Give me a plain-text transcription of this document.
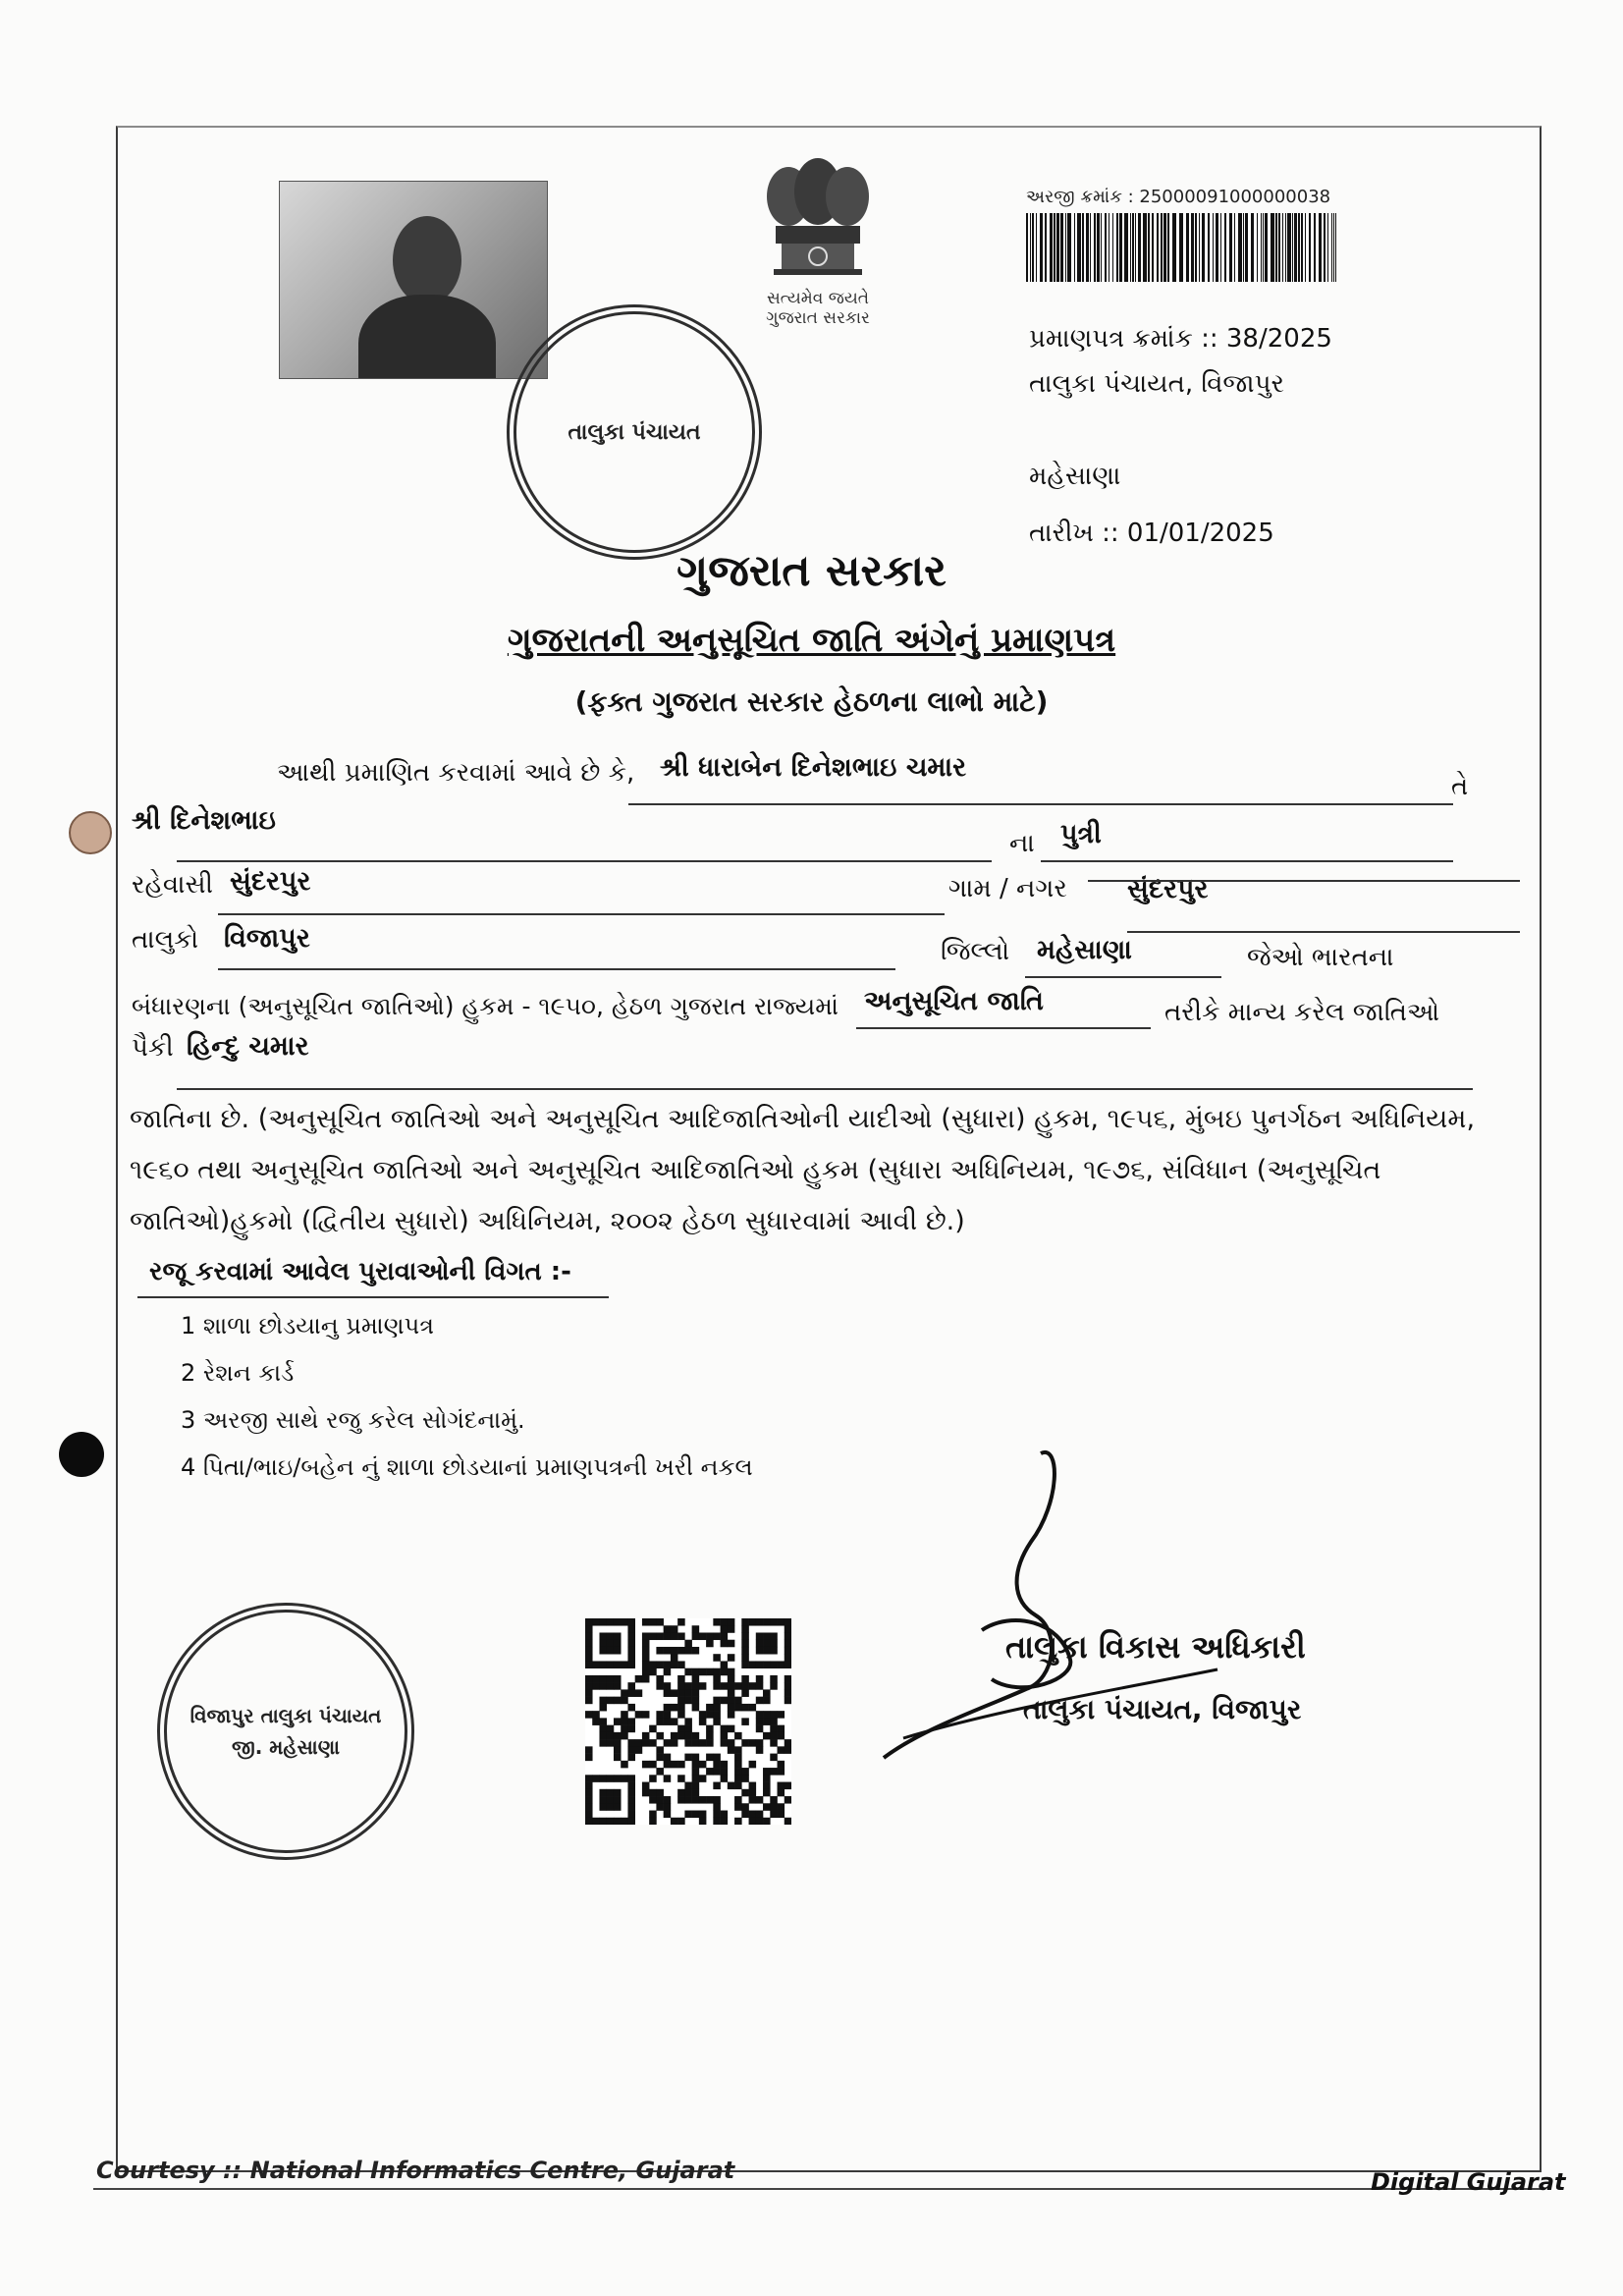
સત્યમેવ જયતે
ગુજરાત સરકાર
અરજી ક્રમાંક : 25000091000000038
પ્રમાણપત્ર ક્રમાંક :: 38/2025
તાલુકા પંચાયત, વિજાપુર
મહેસાણા
તારીખ :: 01/01/2025
તાલુકા પંચાયત
ગુજરાત સરકાર
ગુજરાતની અનુસૂચિત જાતિ અંગેનું પ્રમાણપત્ર
(ફક્ત ગુજરાત સરકાર હેઠળના લાભો માટે)
આથી પ્રમાણિત કરવામાં આવે છે કે, શ્રી ધારાબેન દિનેશભાઇ ચમાર
તે
શ્રી દિનેશભાઇ
ના પુત્રી
રહેવાસી સુંદરપુર	ગામ / નગર સુંદરપુર
તાલુકો વિજાપુર	જિલ્લો મહેસાણા	જેઓ ભારતના
બંધારણના (અનુસૂચિત જાતિઓ) હુકમ - ૧૯૫૦, હેઠળ ગુજરાત રાજ્યમાં અનુસૂચિત જાતિ	તરીકે માન્ય કરેલ જાતિઓ
પૈકી હિન્દુ ચમાર
જાતિના છે. (અનુસૂચિત જાતિઓ અને અનુસૂચિત આદિજાતિઓની યાદીઓ (સુધારા) હુકમ, ૧૯૫૬, મુંબઇ પુનર્ગઠન અધિનિયમ, ૧૯૬૦ તથા અનુસૂચિત જાતિઓ અને અનુસૂચિત આદિજાતિઓ હુકમ (સુધારા અધિનિયમ, ૧૯૭૬, સંવિધાન (અનુસૂચિત જાતિઓ)હુકમો (દ્વિતીય સુધારો) અધિનિયમ, ૨૦૦૨ હેઠળ સુધારવામાં આવી છે.)
રજૂ કરવામાં આવેલ પુરાવાઓની વિગત :-
1 શાળા છોડયાનુ પ્રમાણપત્ર
2 રેશન કાર્ડ
3 અરજી સાથે રજુ કરેલ સોગંદનામું.
4 પિતા/ભાઇ/બહેન નું શાળા છોડયાનાં પ્રમાણપત્રની ખરી નકલ
વિજાપુર તાલુકા પંચાયત
જી. મહેસાણા
તાલુકા વિકાસ અધિકારી
તાલુકા પંચાયત, વિજાપુર
Courtesy :: National Informatics Centre, Gujarat	Digital Gujarat
